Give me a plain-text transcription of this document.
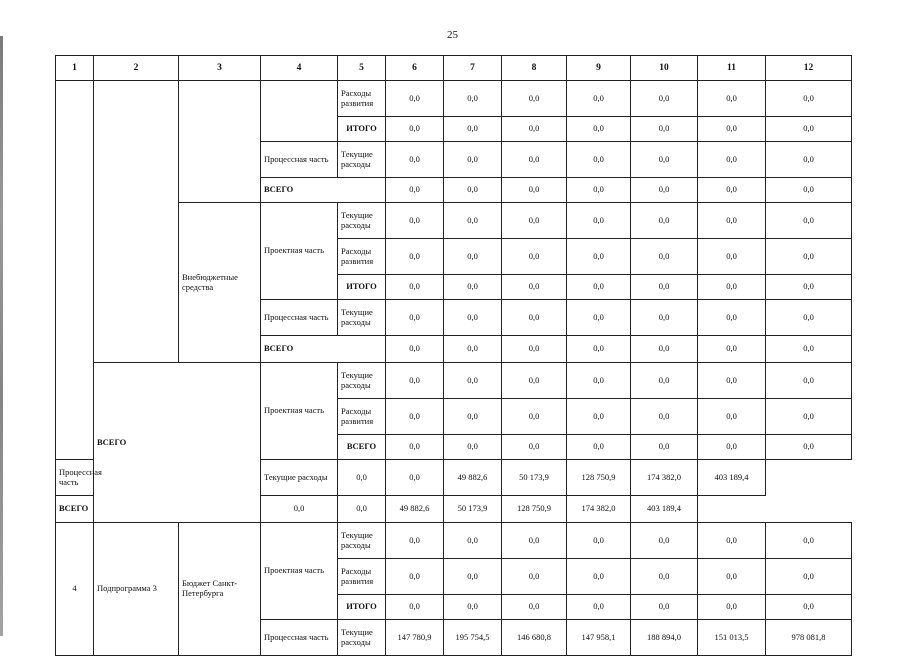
25
1	2	3	4	5	6	7	8	9	10	11	12
				Расходы развития	0,0	0,0	0,0	0,0	0,0	0,0	0,0
				ИТОГО	0,0	0,0	0,0	0,0	0,0	0,0	0,0
			Процессная часть	Текущие расходы	0,0	0,0	0,0	0,0	0,0	0,0	0,0
			ВСЕГО		0,0	0,0	0,0	0,0	0,0	0,0	0,0
		Внебюджетные средства	Проектная часть	Текущие расходы	0,0	0,0	0,0	0,0	0,0	0,0	0,0
				Расходы развития	0,0	0,0	0,0	0,0	0,0	0,0	0,0
				ИТОГО	0,0	0,0	0,0	0,0	0,0	0,0	0,0
			Процессная часть	Текущие расходы	0,0	0,0	0,0	0,0	0,0	0,0	0,0
			ВСЕГО		0,0	0,0	0,0	0,0	0,0	0,0	0,0
	ВСЕГО		Проектная часть	Текущие расходы	0,0	0,0	0,0	0,0	0,0	0,0	0,0
				Расходы развития	0,0	0,0	0,0	0,0	0,0	0,0	0,0
				ВСЕГО	0,0	0,0	0,0	0,0	0,0	0,0	0,0
Процессная часть			Текущие расходы	0,0	0,0	49 882,6	50 173,9	128 750,9	174 382,0	403 189,4	
ВСЕГО			0,0	0,0	49 882,6	50 173,9	128 750,9	174 382,0	403 189,4		
4	Подпрограмма 3	Бюджет Санкт-Петербурга	Проектная часть	Текущие расходы	0,0	0,0	0,0	0,0	0,0	0,0	0,0
				Расходы развития	0,0	0,0	0,0	0,0	0,0	0,0	0,0
				ИТОГО	0,0	0,0	0,0	0,0	0,0	0,0	0,0
			Процессная часть	Текущие расходы	147 780,9	195 754,5	146 680,8	147 958,1	188 894,0	151 013,5	978 081,8
